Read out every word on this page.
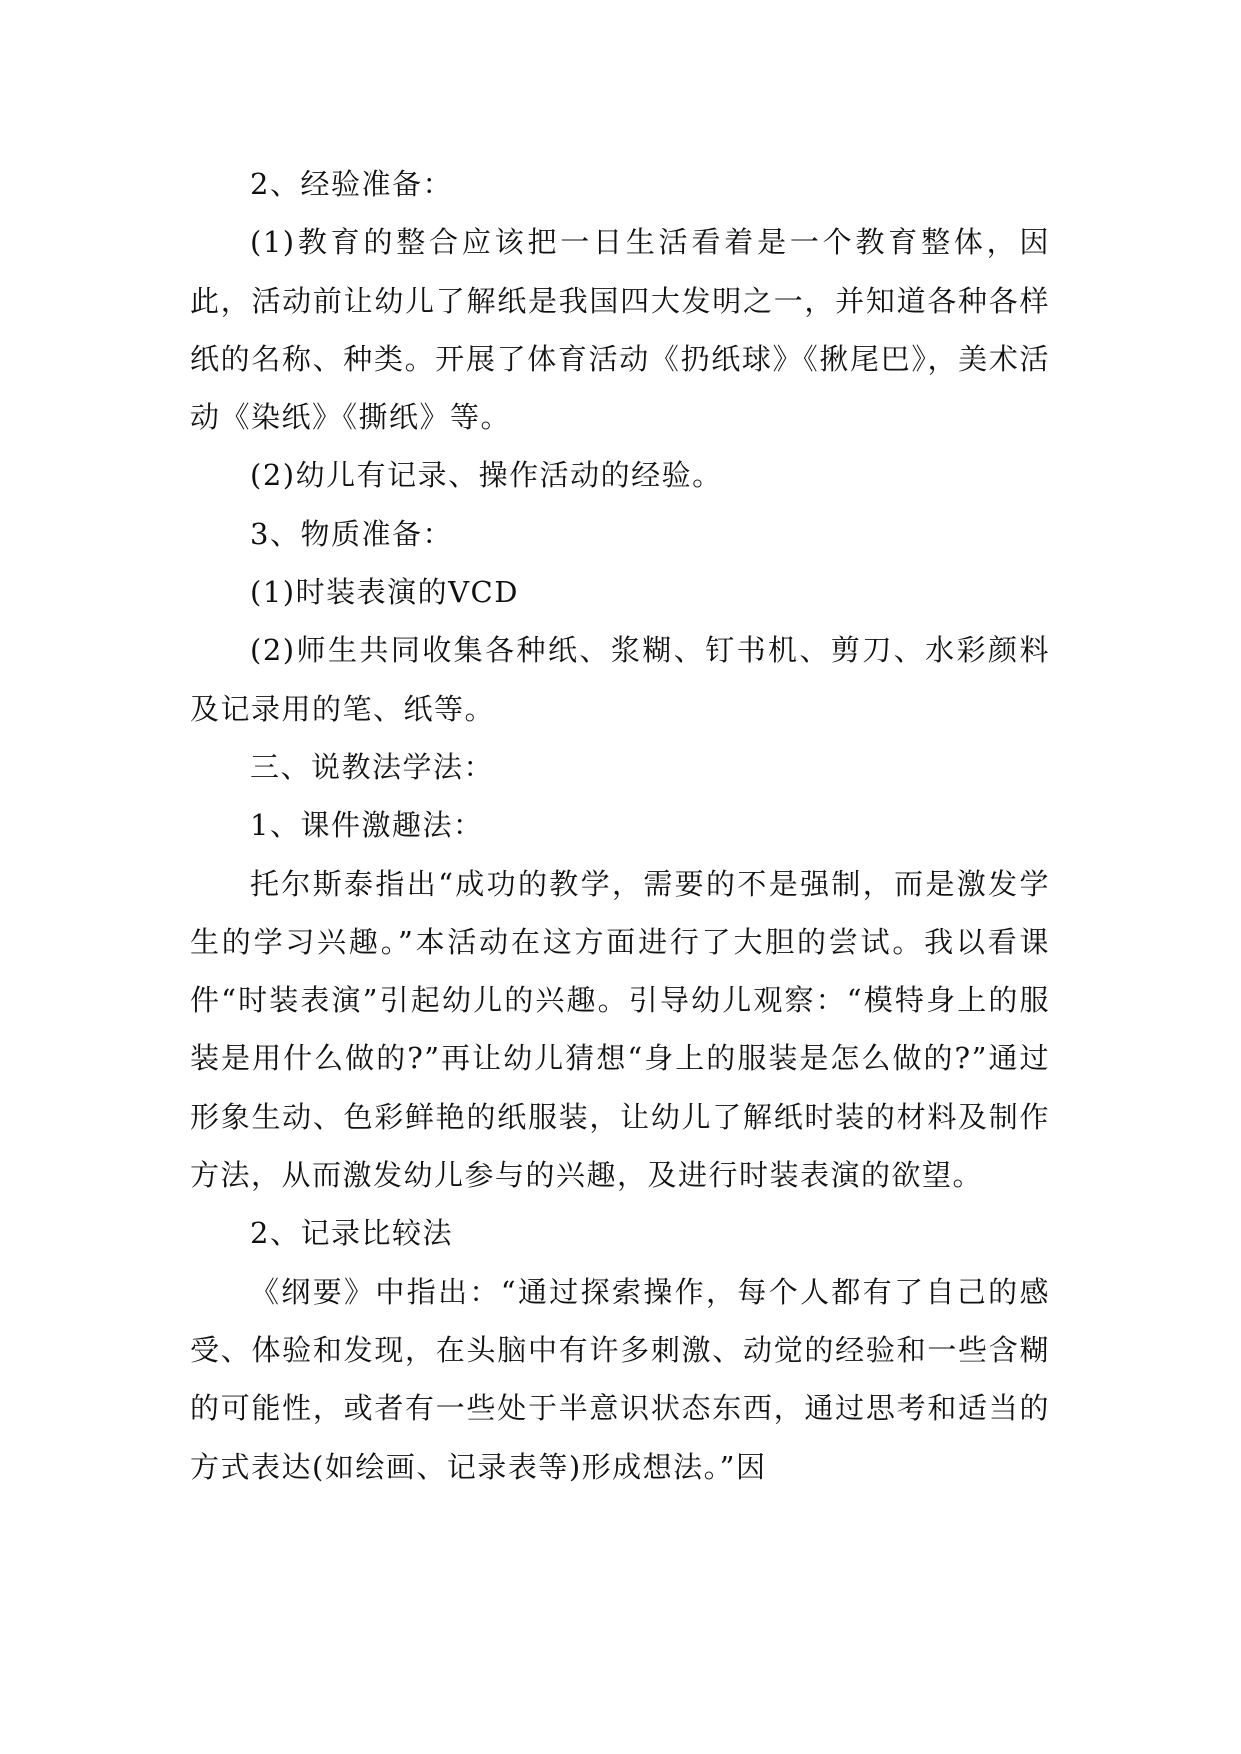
2、经验准备：

(1)教育的整合应该把一日生活看着是一个教育整体，因此，活动前让幼儿了解纸是我国四大发明之一，并知道各种各样纸的名称、种类。开展了体育活动《扔纸球》《揪尾巴》，美术活动《染纸》《撕纸》等。

(2)幼儿有记录、操作活动的经验。

3、物质准备：

(1)时装表演的VCD

(2)师生共同收集各种纸、浆糊、钉书机、剪刀、水彩颜料及记录用的笔、纸等。

三、说教法学法：

1、课件激趣法：

托尔斯泰指出“成功的教学，需要的不是强制，而是激发学生的学习兴趣。”本活动在这方面进行了大胆的尝试。我以看课件“时装表演”引起幼儿的兴趣。引导幼儿观察：“模特身上的服装是用什么做的?”再让幼儿猜想“身上的服装是怎么做的?”通过形象生动、色彩鲜艳的纸服装，让幼儿了解纸时装的材料及制作方法，从而激发幼儿参与的兴趣，及进行时装表演的欲望。

2、记录比较法

《纲要》中指出：“通过探索操作，每个人都有了自己的感受、体验和发现，在头脑中有许多刺激、动觉的经验和一些含糊的可能性，或者有一些处于半意识状态东西，通过思考和适当的方式表达(如绘画、记录表等)形成想法。”因
